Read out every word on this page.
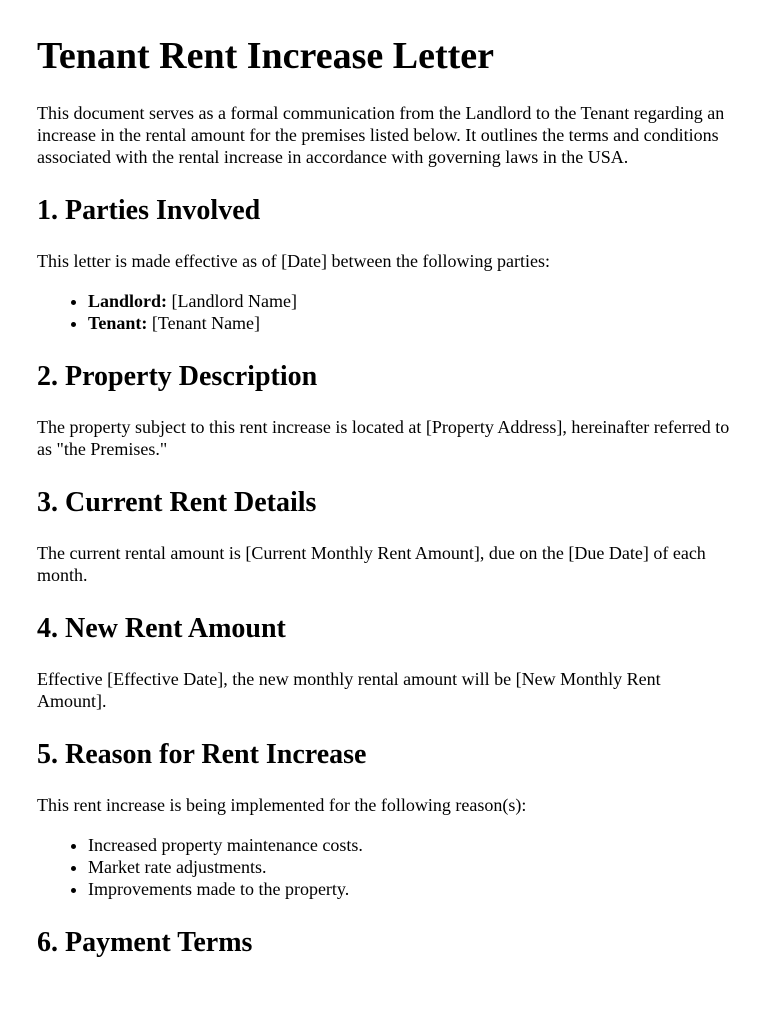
Tenant Rent Increase Letter

This document serves as a formal communication from the Landlord to the Tenant regarding an increase in the rental amount for the premises listed below. It outlines the terms and conditions associated with the rental increase in accordance with governing laws in the USA.

1. Parties Involved

This letter is made effective as of [Date] between the following parties:

• Landlord: [Landlord Name]
• Tenant: [Tenant Name]
2. Property Description

The property subject to this rent increase is located at [Property Address], hereinafter referred to as "the Premises."

3. Current Rent Details

The current rental amount is [Current Monthly Rent Amount], due on the [Due Date] of each month.

4. New Rent Amount

Effective [Effective Date], the new monthly rental amount will be [New Monthly Rent Amount].

5. Reason for Rent Increase

This rent increase is being implemented for the following reason(s):

• Increased property maintenance costs.
• Market rate adjustments.
• Improvements made to the property.
6. Payment Terms
